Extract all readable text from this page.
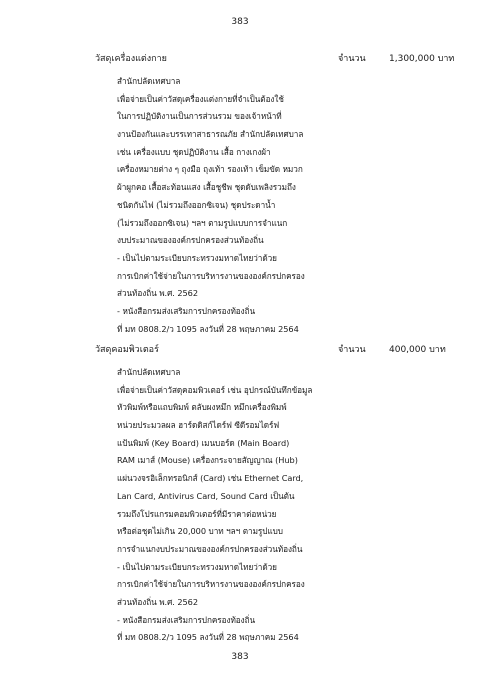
383
วัสดุเครื่องแต่งกาย	จำนวน	1,300,000 บาท
สำนักปลัดเทศบาล
เพื่อจ่ายเป็นค่าวัสดุเครื่องแต่งกายที่จำเป็นต้องใช้
ในการปฏิบัติงานเป็นการส่วนรวม ของเจ้าหน้าที่
งานป้องกันและบรรเทาสาธารณภัย สำนักปลัดเทศบาล
เช่น เครื่องแบบ ชุดปฏิบัติงาน เสื้อ กางเกงผ้า
เครื่องหมายต่าง ๆ ถุงมือ ถุงเท้า รองเท้า เข็มขัด หมวก
ผ้าผูกคอ เสื้อสะท้อนแสง เสื้อชูชีพ ชุดดับเพลิงรวมถึง
ชนิดกันไฟ (ไม่รวมถึงออกซิเจน) ชุดประดาน้ำ
(ไม่รวมถึงออกซิเจน) ฯลฯ ตามรูปแบบการจำแนก
งบประมาณขององค์กรปกครองส่วนท้องถิ่น
- เป็นไปตามระเบียบกระทรวงมหาดไทยว่าด้วย
การเบิกค่าใช้จ่ายในการบริหารงานขององค์กรปกครอง
ส่วนท้องถิ่น พ.ศ. 2562
- หนังสือกรมส่งเสริมการปกครองท้องถิ่น
ที่ มท 0808.2/ว 1095 ลงวันที่ 28 พฤษภาคม 2564
วัสดุคอมพิวเตอร์	จำนวน	400,000 บาท
สำนักปลัดเทศบาล
เพื่อจ่ายเป็นค่าวัสดุคอมพิวเตอร์ เช่น อุปกรณ์บันทึกข้อมูล
หัวพิมพ์หรือแถบพิมพ์ ตลับผงหมึก หมึกเครื่องพิมพ์
หน่วยประมวลผล ฮาร์ดดิสก์ไดร์ฟ ซีดีรอมไดร์ฟ
แป้นพิมพ์ (Key Board) เมนบอร์ด (Main Board)
RAM เมาส์ (Mouse) เครื่องกระจายสัญญาณ (Hub)
แผ่นวงจรอิเล็กทรอนิกส์ (Card) เช่น Ethernet Card,
Lan Card, Antivirus Card, Sound Card เป็นต้น
รวมถึงโปรแกรมคอมพิวเตอร์ที่มีราคาต่อหน่วย
หรือต่อชุดไม่เกิน 20,000 บาท ฯลฯ ตามรูปแบบ
การจำแนกงบประมาณขององค์กรปกครองส่วนท้องถิ่น
- เป็นไปตามระเบียบกระทรวงมหาดไทยว่าด้วย
การเบิกค่าใช้จ่ายในการบริหารงานขององค์กรปกครอง
ส่วนท้องถิ่น พ.ศ. 2562
- หนังสือกรมส่งเสริมการปกครองท้องถิ่น
ที่ มท 0808.2/ว 1095 ลงวันที่ 28 พฤษภาคม 2564
383
